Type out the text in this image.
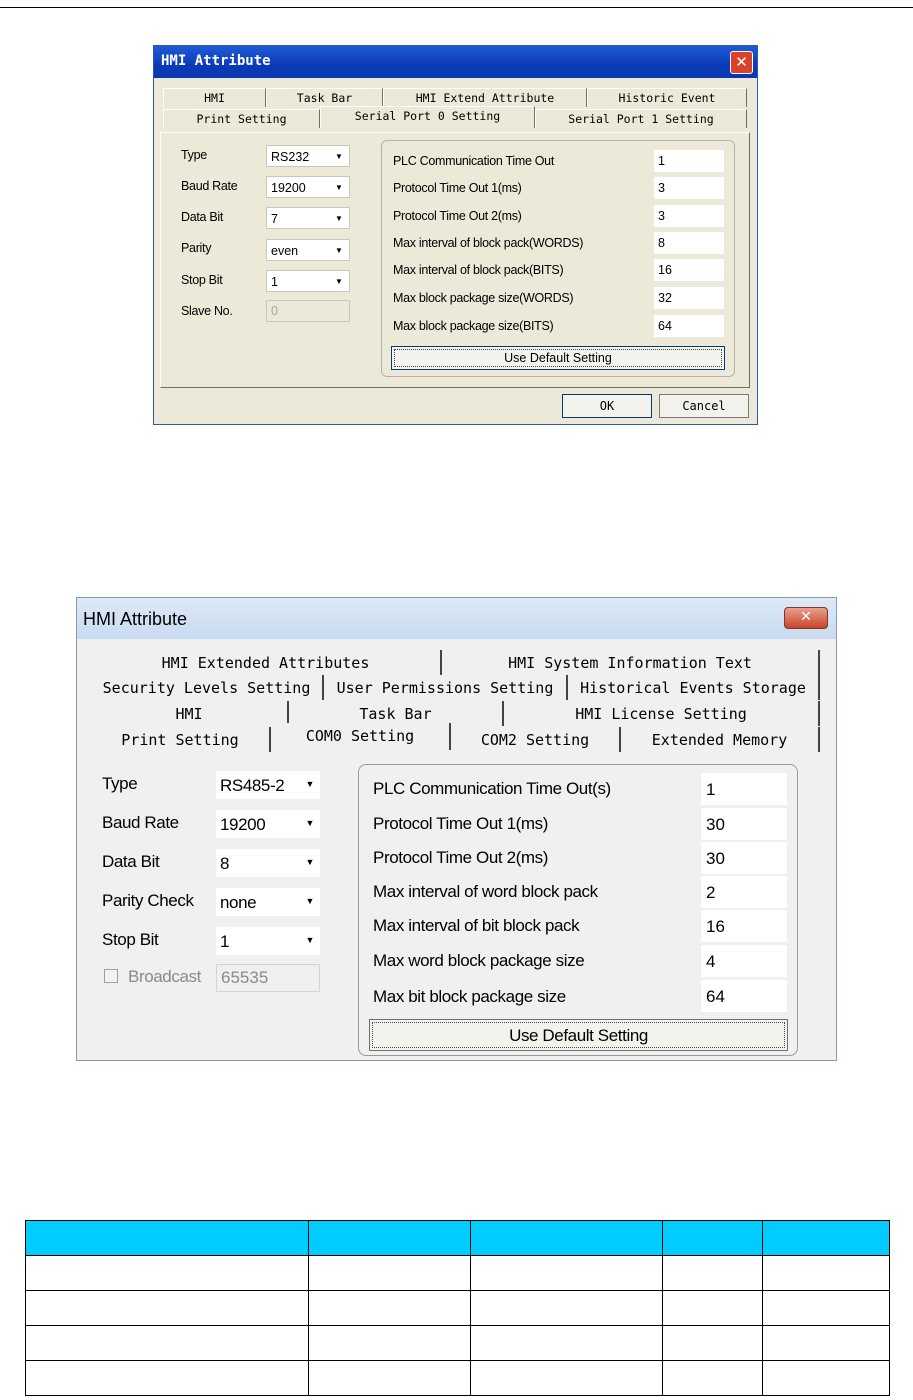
HMI Attribute	✕
HMI	Task Bar	HMI Extend Attribute	Historic Event
Print Setting	Serial Port 0 Setting	Serial Port 1 Setting
Type	RS232	▼
Baud Rate	19200	▼
Data Bit	7	▼
Parity	even	▼
Stop Bit	1	▼
Slave No.	0
PLC Communication Time Out	1
Protocol Time Out 1(ms)	3
Protocol Time Out 2(ms)	3
Max interval of block pack(WORDS)	8
Max interval of block pack(BITS)	16
Max block package size(WORDS)	32
Max block package size(BITS)	64
Use Default Setting
OK	Cancel
HMI Attribute	✕
HMI Extended Attributes	HMI System Information Text
Security Levels Setting	User Permissions Setting	Historical Events Storage
HMI	Task Bar	HMI License Setting
Print Setting	COM0 Setting	COM2 Setting	Extended Memory
Type	RS485-2 ▼
Baud Rate 19200	▼
Data Bit	8	▼
Parity Check none	▼
Stop Bit	1	▼
Broadcast 65535
PLC Communication Time Out(s)	1
Protocol Time Out 1(ms)	30
Protocol Time Out 2(ms)	30
Max interval of word block pack	2
Max interval of bit block pack	16
Max word block package size	4
Max bit block package size	64
Use Default Setting
